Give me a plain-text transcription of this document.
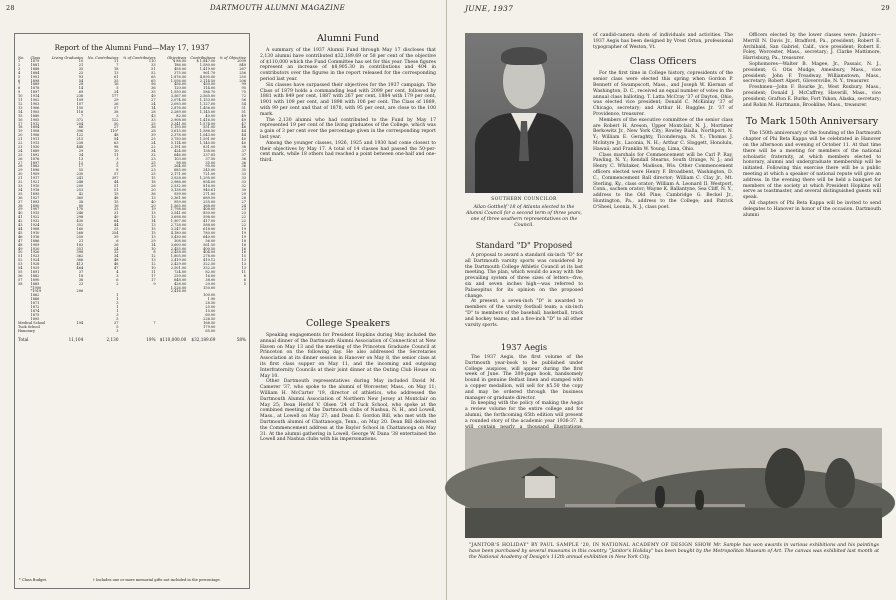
28	DARTMOUTH ALUMNI MAGAZINE
Report of the Alumni Fund—May 17, 1937
No.	Class	Living Graduates	No. Contributors	% of Contributors	Objectives	Contributions	% of Objective
1	1879	10	11	110	$ 88.00	$ 1,847.00	2099
2	1881	21	7	33	186.00	1,580.00	849
3	1888	35	18	51	458.00	1,419.00	267
4	1884	25	13	52	375.00	961.70	256
5	1901	93	61	65	1,876.00	4,695.00	250
6	1898	54	35	65	1,056.00	2,114.50	206
7	1889	28	16	56	456.00	450.00	99
8	1878	14	5	36	120.00	114.00	95
9	1897	69	24	35	1,550.00	586.70	75
10	1914	238	177	49	3,567.00	2,565.00	72
11	1902	109	29	27	2,074.00	1,153.00	56
12	1903	107	26	24	2,093.00	1,127.00	54
13	1906	150	57	14	2,876.00	1,456.00	51
14	1905	116	38	28	2,289.00	1,145.00	51
15	1880	7	3	43	82.00	40.00	49
16	1905	372	122	33	2,908.00	1,416.50	49
17	1912	204	50	25	3,341.00	1,574.00	47
18	1894	66	27	36	1,195.00	551.00	46
19	1908	396	110°	28	3,615.00	1,586.50	44
20	1906	122	48	39	2,378.00	1,043.00	44
21	1911	215	54	25	3,750.00	1,591.00	40
22	1913	238	63	24	5,114.00	1,145.50	40
23	1930	448	98	22	2,191.00	831.00	38
24	1889	29	10	34	424.00	158.00	37
25	1892	34	11	32	646.00	237.85	37
26	1876	13	3	23	103.00	37.50	36
27	1897	12	3	25	98.00	35.00	36
28	1883	17	5	29	264.00	95.00	36
29	1896	55	8	23	685.00	245.00	35
30	1909	230	57	25	2,171.00	721.00	33
31	1917	241	397	15	3,928.00	1,295.00	33
32	1921	248	44	18	2,986.00	854.00	33
33	1910	200	51	26	2,532.00	816.00	32
34	1918	253	51	20	3,138.00	940.61	30
35	1895	42	15	36	939.00	271.00	29
36	1927	365	48	13	2,361.00	689.50	28
37	1893	38	15	40	959.00	255.00	27
38	1890	80	16	20	1,565.00	368.00	24
39	1907	170	33	19	1,798.00	408.00	23
40	1915	246	31	13	3,541.00	850.00	23
41	1922	298	40	13	3,698.00	598.00	22
42	1932	430	64	14	1,907.00	417.00	22
43	1924	352	44	13	2,728.00	588.00	22
44	1908	160	25	15	3,247.00	618.00	19
45	1910	268	254	15	4,180.00	780.00	19
46	1916	250	39	13	3,430.00	640.00	19
47	1886	21	6	29	308.00	56.00	18
48	1909	183	26	14	3,600.00	561.50	16
49	1920	351	24	10	2,455.00	400.50	16
50	1926	398	32	8	2,458.00	404.00	16
51	1923	362	34	12	1,805.00	278.00	15
52	1924	366	48	13	2,419.00	410.12	13
53	1928	413	48	12	2,429.00	322.50	13
54	1929	464	47	10	2,501.00	352.20	13
55	1891	37	4	11	724.00	82.00	11
56	1882	18	3	17	259.00	16.00	6
57	1890	36	6	17	648.00	38.00	6
58	1885	23	2	9	428.00	20.00	5
	*1900				1,526.00	150.00	
	*1919	206			2,416.00		
	1862		1			100.00	
	1866		1			1.90	
	1871		3			28.50	
	1872		1			25.00	
	1874		1			15.00	
	1875		3			60.00	
	1895		5			226.50	
Medical School		194	37	7		168.50	
Tuck School			5			179.00	
Honorary			3			65.00	
Total		11,104	2,130	19%	$110,000.00	$32,189.69	58%
* Class Budget.	† Includes one or more memorial gifts not included in the percentage.
Alumni Fund

A summary of the 1937 Alumni Fund through May 17 discloses that 2,130 alumni have contributed $32,189.69 or 58 per cent of the objective of $110,000 which the Fund Committee has set for this year. These figures represent an increase of $8,905.30 in contributions and 404 in contributors over the figures in the report released for the corresponding period last year.

Six classes have surpassed their objectives for the 1937 campaign. The Class of 1879 holds a commanding lead with 2099 per cent, followed by 1881 with 849 per cent, 1887 with 267 per cent, 1884 with 179 per cent, 1901 with 109 per cent, and 1898 with 106 per cent. The Class of 1889, with 99 per cent and that of 1878, with 95 per cent, are close to the 100 mark.

The 2,130 alumni who had contributed to the Fund by May 17 represented 19 per cent of the living graduates of the College, which was a gain of 3 per cent over the percentage given in the corresponding report last year.

Among the younger classes, 1926, 1925 and 1930 had come closest to their objectives by May 17. A total of 14 classes had passed the 50-per-cent mark, while 18 others had reached a point between one-half and one-third.

College Speakers

Speaking engagements for President Hopkins during May included the annual dinner of the Dartmouth Alumni Association of Connecticut at New Haven on May 13 and the meeting of the Princeton Graduate Council at Princeton on the following day. He also addressed the Secretaries Association at its dinner session in Hanover on May 8, the senior class at its first class supper on May 11, and the incoming and outgoing Interfraternity Councils at their joint dinner at the Outing Club House on May 10.

Other Dartmouth representatives during May included David M. Camerer '37, who spoke to the alumni of Worcester, Mass., on May 11; William H. McCarter '19, director of athletics, who addressed the Dartmouth Alumni Association of Northern New Jersey at Montclair on May 25; Dean Herlof V. Olsen '24 of Tuck School, who spoke at the combined meeting of the Dartmouth clubs of Nashua, N. H., and Lowell, Mass., at Lowell on May 27; and Dean E. Gordon Bill, who met with the Dartmouth alumni of Chattanooga, Tenn., on May 20. Dean Bill delivered the Commencement address at the Baylor School in Chattanooga on May 31. At the alumni gathering in Lowell, George W. Dana '38 entertained the Lowell and Nashua clubs with his impersonations.

JUNE, 1937	29
SOUTHERN COUNCILOR
Allan Gotthelf '18 of Atlanta elected to the Alumni Council for a second term of three years, one of three southern representatives on the Council.
Standard "D" Proposed

A proposal to award a standard six-inch "D" for all Dartmouth varsity sports was considered by the Dartmouth College Athletic Council at its last meeting. The plan, which would do away with the prevailing system of three sizes of letters—five, six and seven inches high—was referred to Palaeopitus for its opinion on the proposed change.

At present, a seven-inch "D" is awarded to members of the varsity football team; a six-inch "D" to members of the baseball, basketball, track and hockey teams; and a five-inch "D" to all other varsity sports.

1937 Aegis

The 1937 Aegis, the first volume of the Dartmouth year-book to be published under College auspices, will appear during the first week of June. The 300-page book, handsomely bound in genuine Belfast linen and stamped with a copper medallion, will sell for $5.50 the copy and may be ordered through the business manager or graduate director.

In keeping with the policy of making the Aegis a review volume for the entire college and for alumni, the forthcoming 65th edition will present a rounded story of the academic year 1936-37. It

of candid-camera shots of individuals and activities. The 1937 Aegis has been designed by Vrest Orton, professional typographer of Weston, Vt.

Class Officers

For the first time in College history, copresidents of the senior class were elected this spring when Gordon P. Bennett of Swampscott, Mass., and Joseph W. Kiernan of Washington, D. C., received an equal number of votes in the annual class balloting. T. Latta McCray '37 of Dayton, Ohio, was elected vice president; Donald C. McKinlay '37 of Chicago, secretary; and Arthur H. Ruggles Jr. '37 of Providence, treasurer.

Members of the executive committee of the senior class are Robert H. Areson, Upper Montclair, N. J., Mortimer Berkowitz Jr., New York City; Rowley Bialla, Northport, N. Y.; William E. Geraghty, Ticonderoga, N. Y.; Thomas J. McIntyre Jr., Laconia, N. H.; Arthur C. Sloggett, Honolulu, Hawaii; and Franklin W. Young, Lima, Ohio.

Class marshals for Commencement will be Carl P. Ray, Pawling, N. Y.; Kendall Stearns, South Orange, N. J.; and Henry C. Whitaker, Madison, Wis. Other Commencement officers elected were Henry F. Broadbent, Washington, D. C., Commencement Ball director; William C. Clay Jr., Mt. Sterling, Ky., class orator; William A. Leonard II, Westport, Conn., sachem orator; Wayne K. Ballantyne, Sea Cliff, N. Y., address to the Old Pine; Cambridge G. Beckel Jr., Huntington, Pa., address to the College; and Patrick O'Sheel, Leonia, N. J., class poet.

Officers elected by the lower classes were: Juniors—Merrill N. Davis Jr., Bradford, Pa., president; Robert E. Archibald, San Gabriel, Calif., vice president; Robert E. Foley, Worcester, Mass., secretary; J. Clarke Mattimore, Harrisburg, Pa., treasurer.

Sophomores—Walter B. Magee, Jr., Passaic, N. J., president; G. Otis Mudge, Amesbury, Mass., vice president; John F. Treadway, Williamstown, Mass., secretary; Robert Alpert, Gloversville, N. Y., treasurer.

Freshmen—John F. Rourke Jr., West Roxbury, Mass., president; Donald J. McCaffrey, Haverill, Mass., vice president; Grafton E. Burke, Fort Yukon, Alaska, secretary; and Robin M. Hartmann, Brookline, Mass., treasurer.

To Mark 150th Anniversary

The 150th anniversary of the founding of the Dartmouth chapter of Phi Beta Kappa will be celebrated in Hanover on the afternoon and evening of October 11. At that time there will be a meeting for members of the national scholastic fraternity, at which members elected to honorary, alumni and undergraduate membership will be initiated. Following this exercise there will be a public meeting at which a speaker of national repute will give an address. In the evening there will be held a banquet for members of the society at which President Hopkins will serve as toastmaster, and several distinguished guests will speak.

All chapters of Phi Beta Kappa will be invited to send delegates to Hanover in honor of the occasion. Dartmouth alumni

"JANITOR'S HOLIDAY" BY PAUL SAMPLE '20, IN NATIONAL ACADEMY OF DESIGN SHOW Mr. Sample has won awards in various exhibitions and his paintings have been purchased by several museums in this country. "Janitor's Holiday" has been bought by the Metropolitan Museum of Art. The canvas was exhibited last month at the National Academy of Design's 112th annual exhibition in New York City.
